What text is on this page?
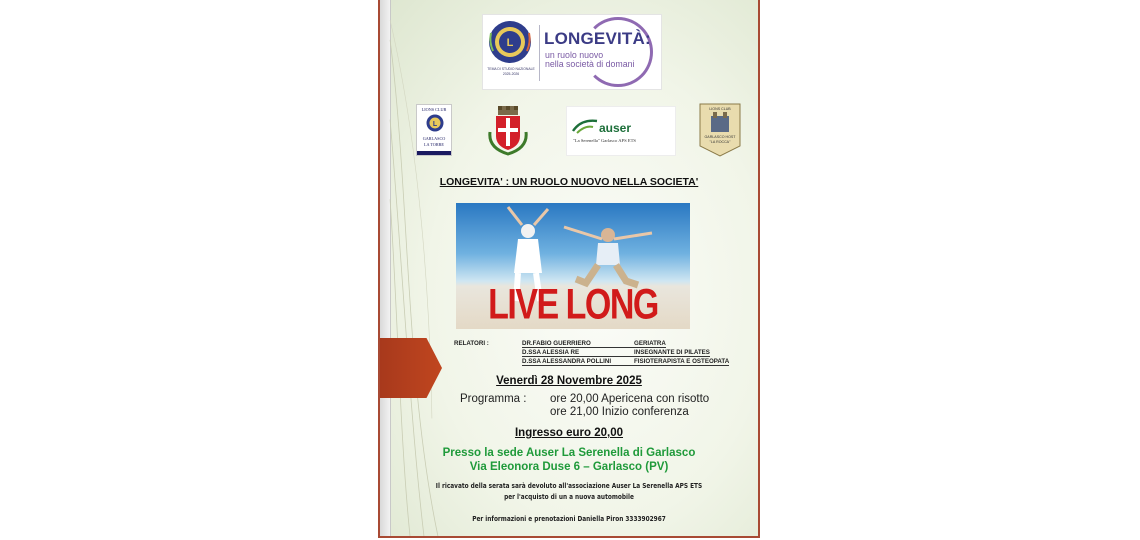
L
TEMA DI STUDIO NAZIONALE
2025-2026
LONGEVITÀ:
un ruolo nuovo
nella società di domani
LIONS CLUB
L
GARLASCO
LA TORRE
auser
"La Serenella" Garlasco APS ETS
LIONS CLUB
GARLASCO HOST
"LA ROCCA"
LONGEVITA' : UN RUOLO NUOVO NELLA SOCIETA'
LIVE LONG
RELATORI :	DR.FABIO GUERRIERO	GERIATRA
D.SSA ALESSIA RE	INSEGNANTE DI PILATES
D.SSA ALESSANDRA POLLINI	FISIOTERAPISTA E OSTEOPATA
Venerdì 28 Novembre 2025
Programma : ore 20,00 Apericena con risotto
ore 21,00 Inizio conferenza
Ingresso euro 20,00
Presso la sede Auser La Serenella di Garlasco
Via Eleonora Duse 6 – Garlasco (PV)
Il ricavato della serata sarà devoluto all'associazione Auser La Serenella APS ETS
per l'acquisto di un a nuova automobile
Per informazioni e prenotazioni Daniella Piron 3333902967
